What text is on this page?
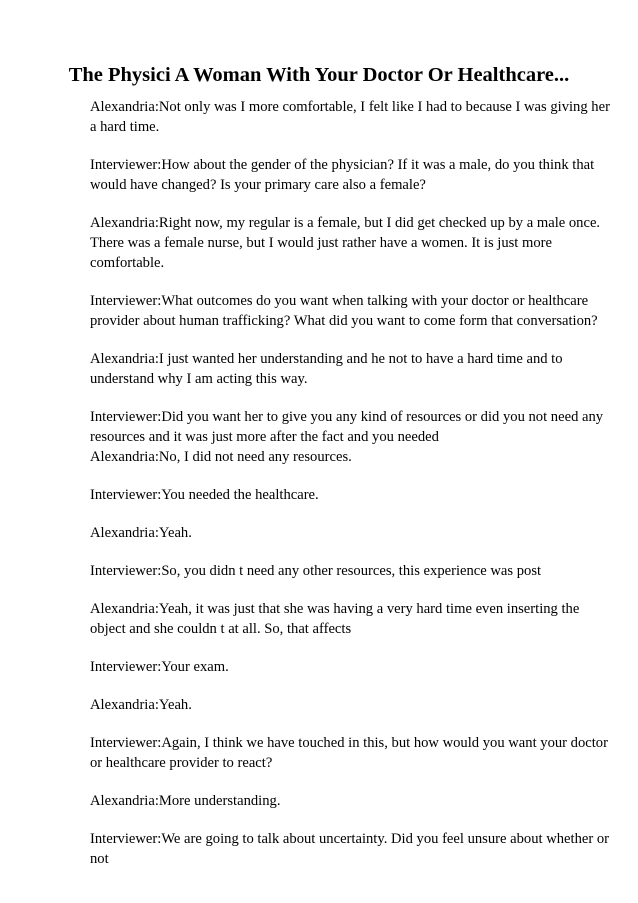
The Physici A Woman With Your Doctor Or Healthcare...

Alexandria:Not only was I more comfortable, I felt like I had to because I was giving her a hard time.

Interviewer:How about the gender of the physician? If it was a male, do you think that would have changed? Is your primary care also a female?

Alexandria:Right now, my regular is a female, but I did get checked up by a male once. There was a female nurse, but I would just rather have a women. It is just more comfortable.

Interviewer:What outcomes do you want when talking with your doctor or healthcare provider about human trafficking? What did you want to come form that conversation?

Alexandria:I just wanted her understanding and he not to have a hard time and to understand why I am acting this way.

Interviewer:Did you want her to give you any kind of resources or did you not need any resources and it was just more after the fact and you needed

Alexandria:No, I did not need any resources.

Interviewer:You needed the healthcare.

Alexandria:Yeah.

Interviewer:So, you didn t need any other resources, this experience was post

Alexandria:Yeah, it was just that she was having a very hard time even inserting the object and she couldn t at all. So, that affects

Interviewer:Your exam.

Alexandria:Yeah.

Interviewer:Again, I think we have touched in this, but how would you want your doctor or healthcare provider to react?

Alexandria:More understanding.

Interviewer:We are going to talk about uncertainty. Did you feel unsure about whether or not
